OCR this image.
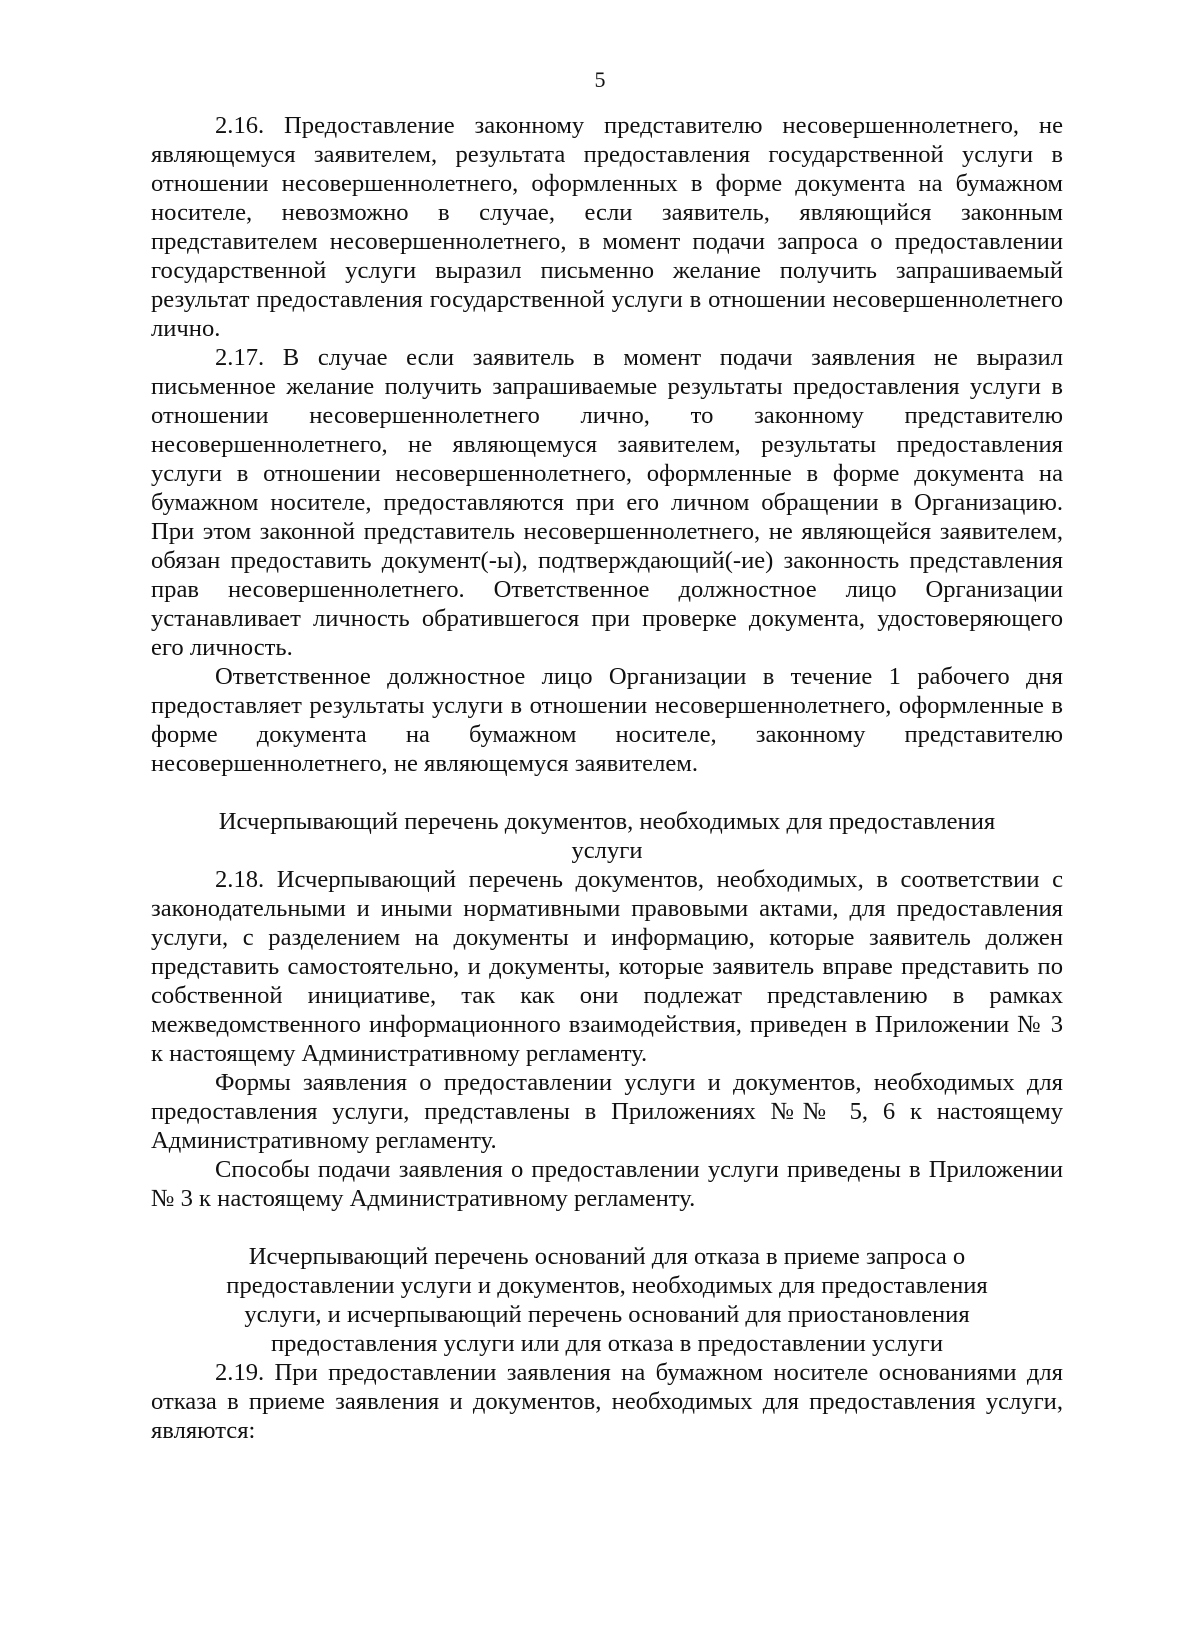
5

2.16. Предоставление законному представителю несовершеннолетнего, не являющемуся заявителем, результата предоставления государственной услуги в отношении несовершеннолетнего, оформленных в форме документа на бумажном носителе, невозможно в случае, если заявитель, являющийся законным представителем несовершеннолетнего, в момент подачи запроса о предоставлении государственной услуги выразил письменно желание получить запрашиваемый результат предоставления государственной услуги в отношении несовершеннолетнего лично.

2.17. В случае если заявитель в момент подачи заявления не выразил письменное желание получить запрашиваемые результаты предоставления услуги в отношении несовершеннолетнего лично, то законному представителю несовершеннолетнего, не являющемуся заявителем, результаты предоставления услуги в отношении несовершеннолетнего, оформленные в форме документа на бумажном носителе, предоставляются при его личном обращении в Организацию. При этом законной представитель несовершеннолетнего, не являющейся заявителем, обязан предоставить документ(-ы), подтверждающий(-ие) законность представления прав несовершеннолетнего. Ответственное должностное лицо Организации устанавливает личность обратившегося при проверке документа, удостоверяющего его личность.

Ответственное должностное лицо Организации в течение 1 рабочего дня предоставляет результаты услуги в отношении несовершеннолетнего, оформленные в форме документа на бумажном носителе, законному представителю несовершеннолетнего, не являющемуся заявителем.

Исчерпывающий перечень документов, необходимых для предоставления

услуги

2.18. Исчерпывающий перечень документов, необходимых, в соответствии с законодательными и иными нормативными правовыми актами, для предоставления услуги, с разделением на документы и информацию, которые заявитель должен представить самостоятельно, и документы, которые заявитель вправе представить по собственной инициативе, так как они подлежат представлению в рамках межведомственного информационного взаимодействия, приведен в Приложении № 3 к настоящему Административному регламенту.

Формы заявления о предоставлении услуги и документов, необходимых для предоставления услуги, представлены в Приложениях №№ 5, 6 к настоящему Административному регламенту.

Способы подачи заявления о предоставлении услуги приведены в Приложении № 3 к настоящему Административному регламенту.

Исчерпывающий перечень оснований для отказа в приеме запроса о

предоставлении услуги и документов, необходимых для предоставления

услуги, и исчерпывающий перечень оснований для приостановления

предоставления услуги или для отказа в предоставлении услуги

2.19. При предоставлении заявления на бумажном носителе основаниями для отказа в приеме заявления и документов, необходимых для предоставления услуги, являются:
